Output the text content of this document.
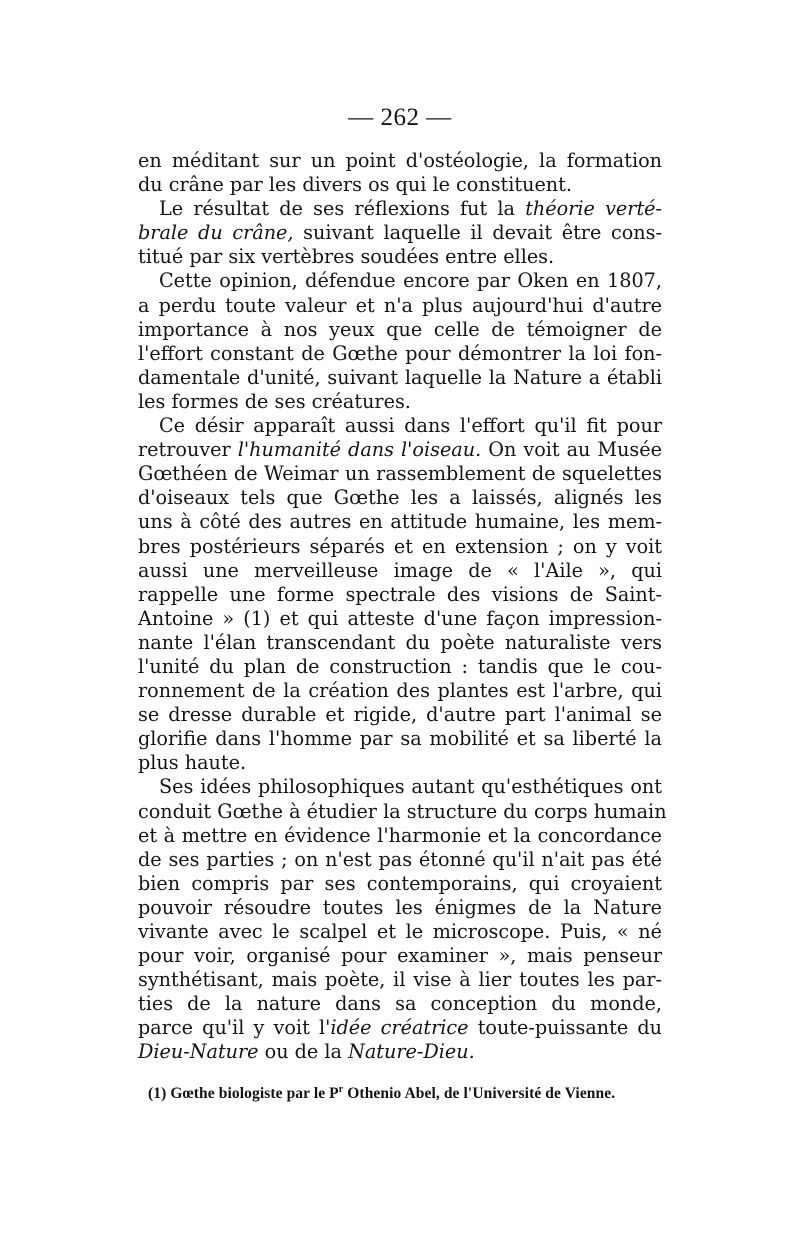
— 262 —
en méditant sur un point d'ostéologie, la formation
du crâne par les divers os qui le constituent.
Le résultat de ses réflexions fut la théorie verté-
brale du crâne, suivant laquelle il devait être cons-
titué par six vertèbres soudées entre elles.
Cette opinion, défendue encore par Oken en 1807,
a perdu toute valeur et n'a plus aujourd'hui d'autre
importance à nos yeux que celle de témoigner de
l'effort constant de Gœthe pour démontrer la loi fon-
damentale d'unité, suivant laquelle la Nature a établi
les formes de ses créatures.
Ce désir apparaît aussi dans l'effort qu'il fit pour
retrouver l'humanité dans l'oiseau. On voit au Musée
Gœthéen de Weimar un rassemblement de squelettes
d'oiseaux tels que Gœthe les a laissés, alignés les
uns à côté des autres en attitude humaine, les mem-
bres postérieurs séparés et en extension ; on y voit
aussi une merveilleuse image de « l'Aile », qui
rappelle une forme spectrale des visions de Saint-
Antoine » (1) et qui atteste d'une façon impression-
nante l'élan transcendant du poète naturaliste vers
l'unité du plan de construction : tandis que le cou-
ronnement de la création des plantes est l'arbre, qui
se dresse durable et rigide, d'autre part l'animal se
glorifie dans l'homme par sa mobilité et sa liberté la
plus haute.
Ses idées philosophiques autant qu'esthétiques ont
conduit Gœthe à étudier la structure du corps humain
et à mettre en évidence l'harmonie et la concordance
de ses parties ; on n'est pas étonné qu'il n'ait pas été
bien compris par ses contemporains, qui croyaient
pouvoir résoudre toutes les énigmes de la Nature
vivante avec le scalpel et le microscope. Puis, « né
pour voir, organisé pour examiner », mais penseur
synthétisant, mais poète, il vise à lier toutes les par-
ties de la nature dans sa conception du monde,
parce qu'il y voit l'idée créatrice toute-puissante du
Dieu-Nature ou de la Nature-Dieu.
(1) Gœthe biologiste par le $P^r$ Othenio Abel, de l'Université de Vienne.
